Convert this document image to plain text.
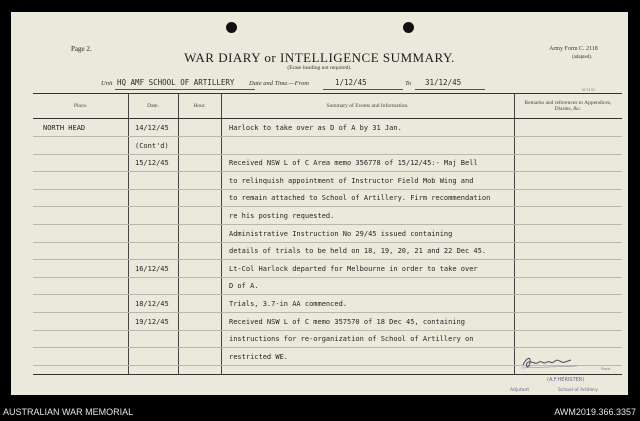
Page 2.
WAR DIARY or INTELLIGENCE SUMMARY.
(Erase heading not required).
Army Form C. 2118
(adapted).
Unit HQ AMF SCHOOL OF ARTILLERY Date and Time.—From	1/12/45	To 31/12/45
M.7431
Place.	Date.	Hour.	Summary of Events and Information.	Remarks and references to Appendices, Diaries, &c.
NORTH HEAD	14/12/45	Harlock to take over as D of A by 31 Jan.
(Cont'd)
15/12/45	Received NSW L of C Area memo 356778 of 15/12/45:- Maj Bell
to relinquish appointment of Instructor Field Mob Wing and
to remain attached to School of Artillery. Firm recommendation
re his posting requested.
Administrative Instruction No 29/45 issued containing
details of trials to be held on 18, 19, 20, 21 and 22 Dec 45.
16/12/45	Lt-Col Harlock departed for Melbourne in order to take over
D of A.
18/12/45	Trials, 3.7-in AA commenced.
19/12/45	Received NSW L of C memo 357570 of 18 Dec 45, containing
instructions for re-organization of School of Artillery on
restricted WE.
(A.F.HERISTER)
Place
Adjutant	School of Artillery
AUSTRALIAN WAR MEMORIAL	AWM2019.366.3357
